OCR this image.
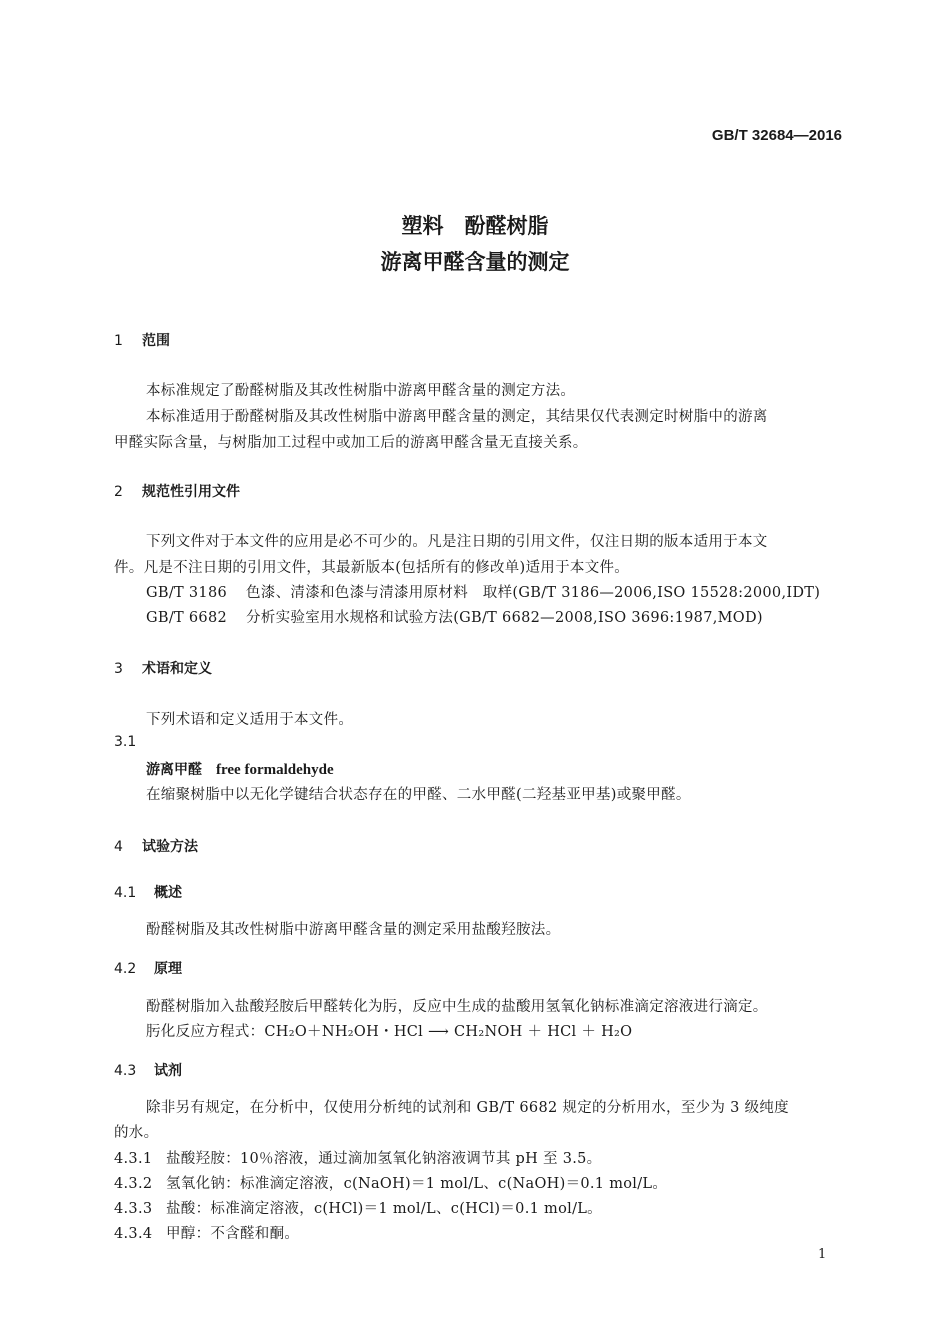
GB/T 32684—2016
塑料　酚醛树脂
游离甲醛含量的测定
1 范围
本标准规定了酚醛树脂及其改性树脂中游离甲醛含量的测定方法。
本标准适用于酚醛树脂及其改性树脂中游离甲醛含量的测定，其结果仅代表测定时树脂中的游离
甲醛实际含量，与树脂加工过程中或加工后的游离甲醛含量无直接关系。
2 规范性引用文件
下列文件对于本文件的应用是必不可少的。凡是注日期的引用文件，仅注日期的版本适用于本文
件。凡是不注日期的引用文件，其最新版本(包括所有的修改单)适用于本文件。
GB/T 3186 色漆、清漆和色漆与清漆用原材料　取样(GB/T 3186—2006,ISO 15528:2000,IDT)
GB/T 6682 分析实验室用水规格和试验方法(GB/T 6682—2008,ISO 3696:1987,MOD)
3 术语和定义
下列术语和定义适用于本文件。
3.1
游离甲醛 free formaldehyde
在缩聚树脂中以无化学键结合状态存在的甲醛、二水甲醛(二羟基亚甲基)或聚甲醛。
4 试验方法
4.1 概述
酚醛树脂及其改性树脂中游离甲醛含量的测定采用盐酸羟胺法。
4.2 原理
酚醛树脂加入盐酸羟胺后甲醛转化为肟，反应中生成的盐酸用氢氧化钠标准滴定溶液进行滴定。
肟化反应方程式：CH₂O＋NH₂OH・HCl ⟶ CH₂NOH ＋ HCl ＋ H₂O
4.3 试剂
除非另有规定，在分析中，仅使用分析纯的试剂和 GB/T 6682 规定的分析用水，至少为 3 级纯度
的水。
4.3.1 盐酸羟胺：10％溶液，通过滴加氢氧化钠溶液调节其 pH 至 3.5。
4.3.2 氢氧化钠：标准滴定溶液，c(NaOH)＝1 mol/L、c(NaOH)＝0.1 mol/L。
4.3.3 盐酸：标准滴定溶液，c(HCl)＝1 mol/L、c(HCl)＝0.1 mol/L。
4.3.4 甲醇：不含醛和酮。
1
